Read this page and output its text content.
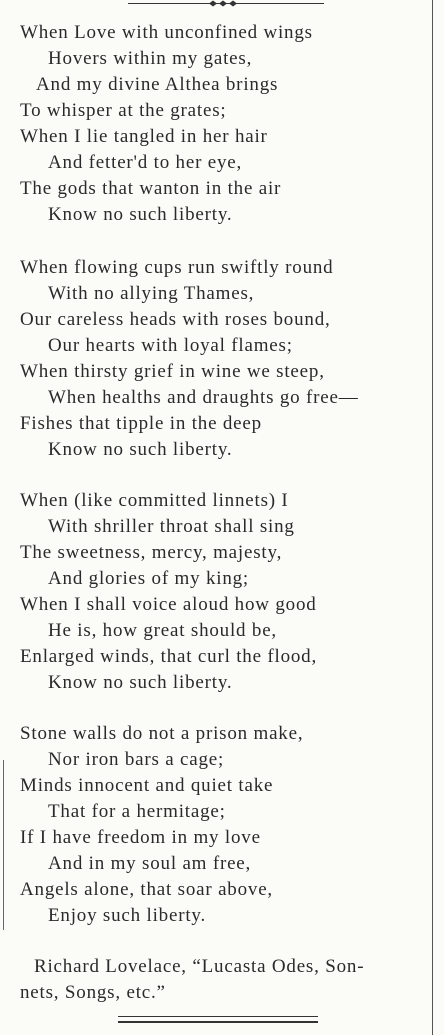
When Love with unconfined wings
Hovers within my gates,
And my divine Althea brings
To whisper at the grates;
When I lie tangled in her hair
And fetter'd to her eye,
The gods that wanton in the air
Know no such liberty.
When flowing cups run swiftly round
With no allying Thames,
Our careless heads with roses bound,
Our hearts with loyal flames;
When thirsty grief in wine we steep,
When healths and draughts go free—
Fishes that tipple in the deep
Know no such liberty.
When (like committed linnets) I
With shriller throat shall sing
The sweetness, mercy, majesty,
And glories of my king;
When I shall voice aloud how good
He is, how great should be,
Enlarged winds, that curl the flood,
Know no such liberty.
Stone walls do not a prison make,
Nor iron bars a cage;
Minds innocent and quiet take
That for a hermitage;
If I have freedom in my love
And in my soul am free,
Angels alone, that soar above,
Enjoy such liberty.
Richard Lovelace, “Lucasta Odes, Son-
nets, Songs, etc.”
